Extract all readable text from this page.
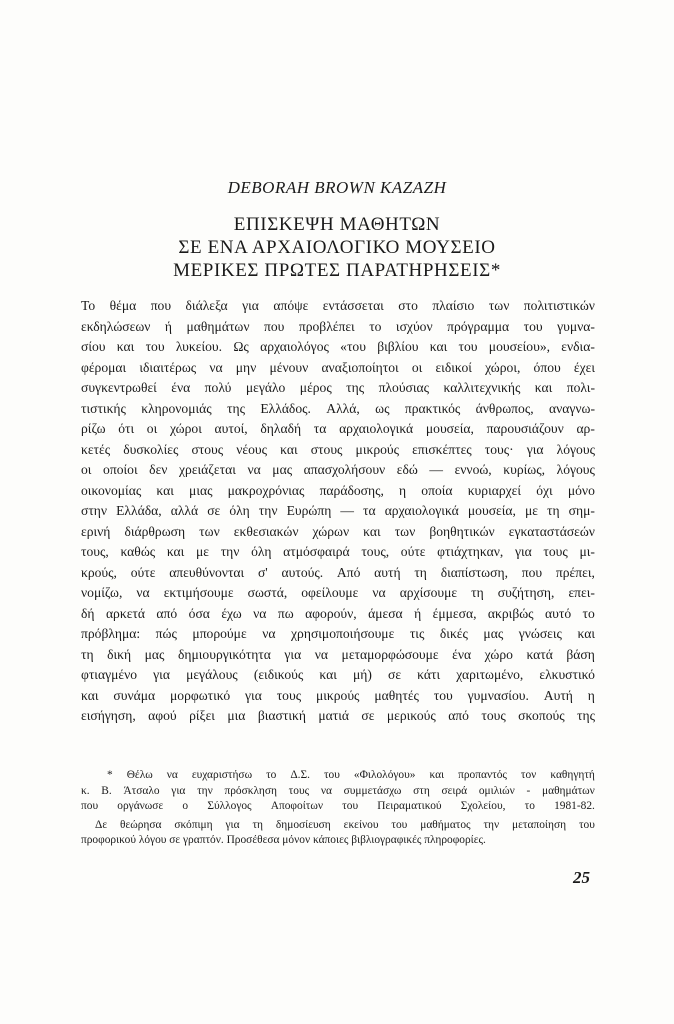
DEBORAH BROWN KAZAZH
ΕΠΙΣΚΕΨΗ ΜΑΘΗΤΩΝ
ΣΕ ΕΝΑ ΑΡΧΑΙΟΛΟΓΙΚΟ ΜΟΥΣΕΙΟ
ΜΕΡΙΚΕΣ ΠΡΩΤΕΣ ΠΑΡΑΤΗΡΗΣΕΙΣ*
Το θέμα που διάλεξα για απόψε εντάσσεται στο πλαίσιο των πολιτιστικών
εκδηλώσεων ή μαθημάτων που προβλέπει το ισχύον πρόγραμμα του γυμνα-
σίου και του λυκείου. Ως αρχαιολόγος «του βιβλίου και του μουσείου», ενδια-
φέρομαι ιδιαιτέρως να μην μένουν αναξιοποίητοι οι ειδικοί χώροι, όπου έχει
συγκεντρωθεί ένα πολύ μεγάλο μέρος της πλούσιας καλλιτεχνικής και πολι-
τιστικής κληρονομιάς της Ελλάδος. Αλλά, ως πρακτικός άνθρωπος, αναγνω-
ρίζω ότι οι χώροι αυτοί, δηλαδή τα αρχαιολογικά μουσεία, παρουσιάζουν αρ-
κετές δυσκολίες στους νέους και στους μικρούς επισκέπτες τους· για λόγους
οι οποίοι δεν χρειάζεται να μας απασχολήσουν εδώ — εννοώ, κυρίως, λόγους
οικονομίας και μιας μακροχρόνιας παράδοσης, η οποία κυριαρχεί όχι μόνο
στην Ελλάδα, αλλά σε όλη την Ευρώπη — τα αρχαιολογικά μουσεία, με τη σημ-
ερινή διάρθρωση των εκθεσιακών χώρων και των βοηθητικών εγκαταστάσεών
τους, καθώς και με την όλη ατμόσφαιρά τους, ούτε φτιάχτηκαν, για τους μι-
κρούς, ούτε απευθύνονται σ' αυτούς. Από αυτή τη διαπίστωση, που πρέπει,
νομίζω, να εκτιμήσουμε σωστά, οφείλουμε να αρχίσουμε τη συζήτηση, επει-
δή αρκετά από όσα έχω να πω αφορούν, άμεσα ή έμμεσα, ακριβώς αυτό το
πρόβλημα: πώς μπορούμε να χρησιμοποιήσουμε τις δικές μας γνώσεις και
τη δική μας δημιουργικότητα για να μεταμορφώσουμε ένα χώρο κατά βάση
φτιαγμένο για μεγάλους (ειδικούς και μή) σε κάτι χαριτωμένο, ελκυστικό
και συνάμα μορφωτικό για τους μικρούς μαθητές του γυμνασίου. Αυτή η
εισήγηση, αφού ρίξει μια βιαστική ματιά σε μερικούς από τους σκοπούς της
* Θέλω να ευχαριστήσω το Δ.Σ. του «Φιλολόγου» και προπαντός τον καθηγητή
κ. Β. Άτσαλο για την πρόσκληση τους να συμμετάσχω στη σειρά ομιλιών - μαθημάτων
που οργάνωσε ο Σύλλογος Αποφοίτων του Πειραματικού Σχολείου, το 1981-82.
Δε θεώρησα σκόπιμη για τη δημοσίευση εκείνου του μαθήματος την μεταποίηση του
προφορικού λόγου σε γραπτόν. Προσέθεσα μόνον κάποιες βιβλιογραφικές πληροφορίες.
25
